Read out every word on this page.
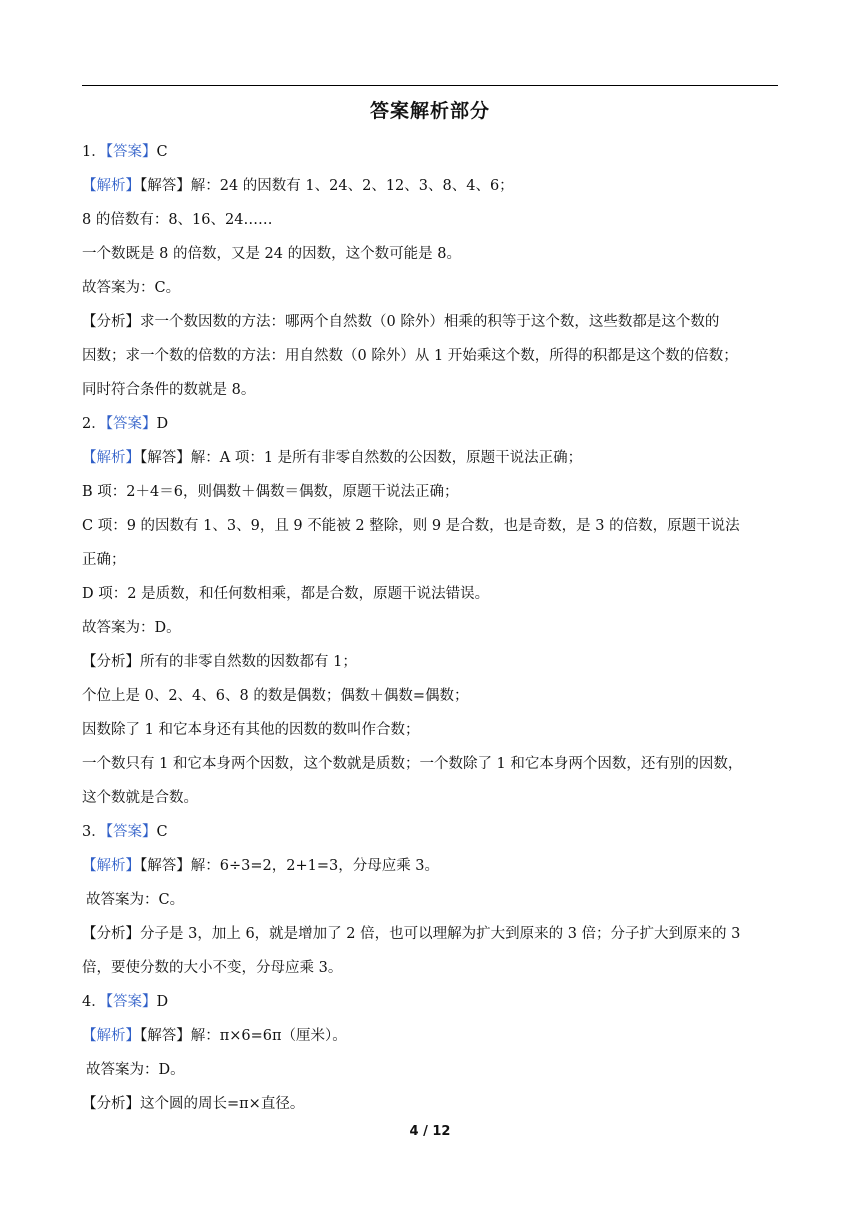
答案解析部分
1．【答案】C
【解析】【解答】解：24 的因数有 1、24、2、12、3、8、4、6；
8 的倍数有：8、16、24……
一个数既是 8 的倍数，又是 24 的因数，这个数可能是 8。
故答案为：C。
【分析】求一个数因数的方法：哪两个自然数（0 除外）相乘的积等于这个数，这些数都是这个数的
因数；求一个数的倍数的方法：用自然数（0 除外）从 1 开始乘这个数，所得的积都是这个数的倍数；
同时符合条件的数就是 8。
2．【答案】D
【解析】【解答】解：A 项：1 是所有非零自然数的公因数，原题干说法正确；
B 项：2＋4＝6，则偶数＋偶数＝偶数，原题干说法正确；
C 项：9 的因数有 1、3、9，且 9 不能被 2 整除，则 9 是合数，也是奇数，是 3 的倍数，原题干说法
正确；
D 项：2 是质数，和任何数相乘，都是合数，原题干说法错误。
故答案为：D。
【分析】所有的非零自然数的因数都有 1；
个位上是 0、2、4、6、8 的数是偶数；偶数＋偶数=偶数；
因数除了 1 和它本身还有其他的因数的数叫作合数；
一个数只有 1 和它本身两个因数，这个数就是质数；一个数除了 1 和它本身两个因数，还有别的因数，
这个数就是合数。
3．【答案】C
【解析】【解答】解：6÷3=2，2+1=3，分母应乘 3。
故答案为：C。
【分析】分子是 3，加上 6，就是增加了 2 倍，也可以理解为扩大到原来的 3 倍；分子扩大到原来的 3
倍，要使分数的大小不变，分母应乘 3。
4．【答案】D
【解析】【解答】解：π×6=6π（厘米）。
故答案为：D。
【分析】这个圆的周长=π×直径。
4 / 12
